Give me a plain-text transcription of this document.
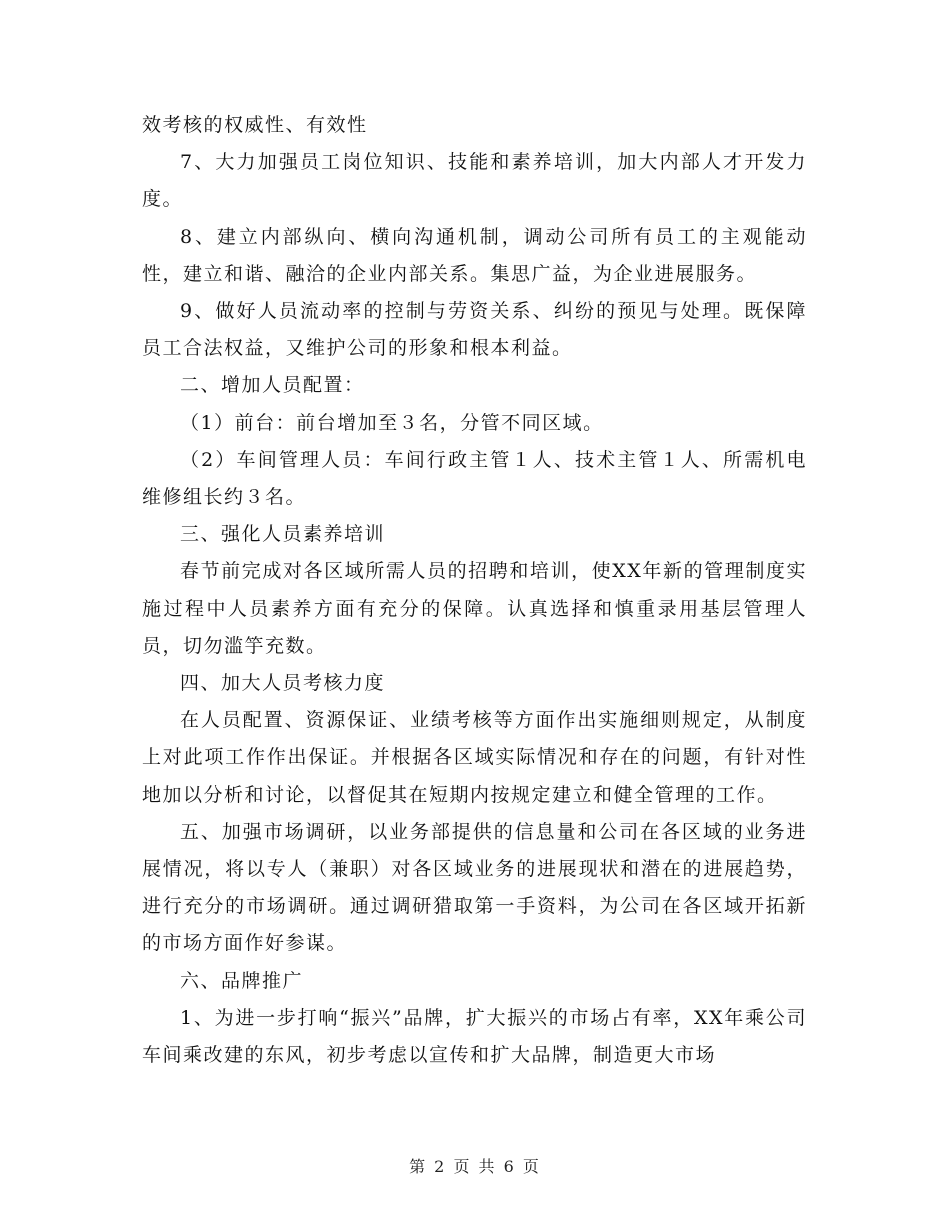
效考核的权威性、有效性

7、大力加强员工岗位知识、技能和素养培训，加大内部人才开发力度。

8、建立内部纵向、横向沟通机制，调动公司所有员工的主观能动性，建立和谐、融洽的企业内部关系。集思广益，为企业进展服务。

9、做好人员流动率的控制与劳资关系、纠纷的预见与处理。既保障员工合法权益，又维护公司的形象和根本利益。

二、增加人员配置：

（1）前台：前台增加至３名，分管不同区域。

（2）车间管理人员：车间行政主管１人、技术主管１人、所需机电维修组长约３名。

三、强化人员素养培训

春节前完成对各区域所需人员的招聘和培训，使XX年新的管理制度实施过程中人员素养方面有充分的保障。认真选择和慎重录用基层管理人员，切勿滥竽充数。

四、加大人员考核力度

在人员配置、资源保证、业绩考核等方面作出实施细则规定，从制度上对此项工作作出保证。并根据各区域实际情况和存在的问题，有针对性地加以分析和讨论，以督促其在短期内按规定建立和健全管理的工作。

五、加强市场调研，以业务部提供的信息量和公司在各区域的业务进展情况，将以专人（兼职）对各区域业务的进展现状和潜在的进展趋势，进行充分的市场调研。通过调研猎取第一手资料，为公司在各区域开拓新的市场方面作好参谋。

六、品牌推广

1、为进一步打响“振兴”品牌，扩大振兴的市场占有率，XX年乘公司车间乘改建的东风，初步考虑以宣传和扩大品牌，制造更大市场

第 2 页 共 6 页
